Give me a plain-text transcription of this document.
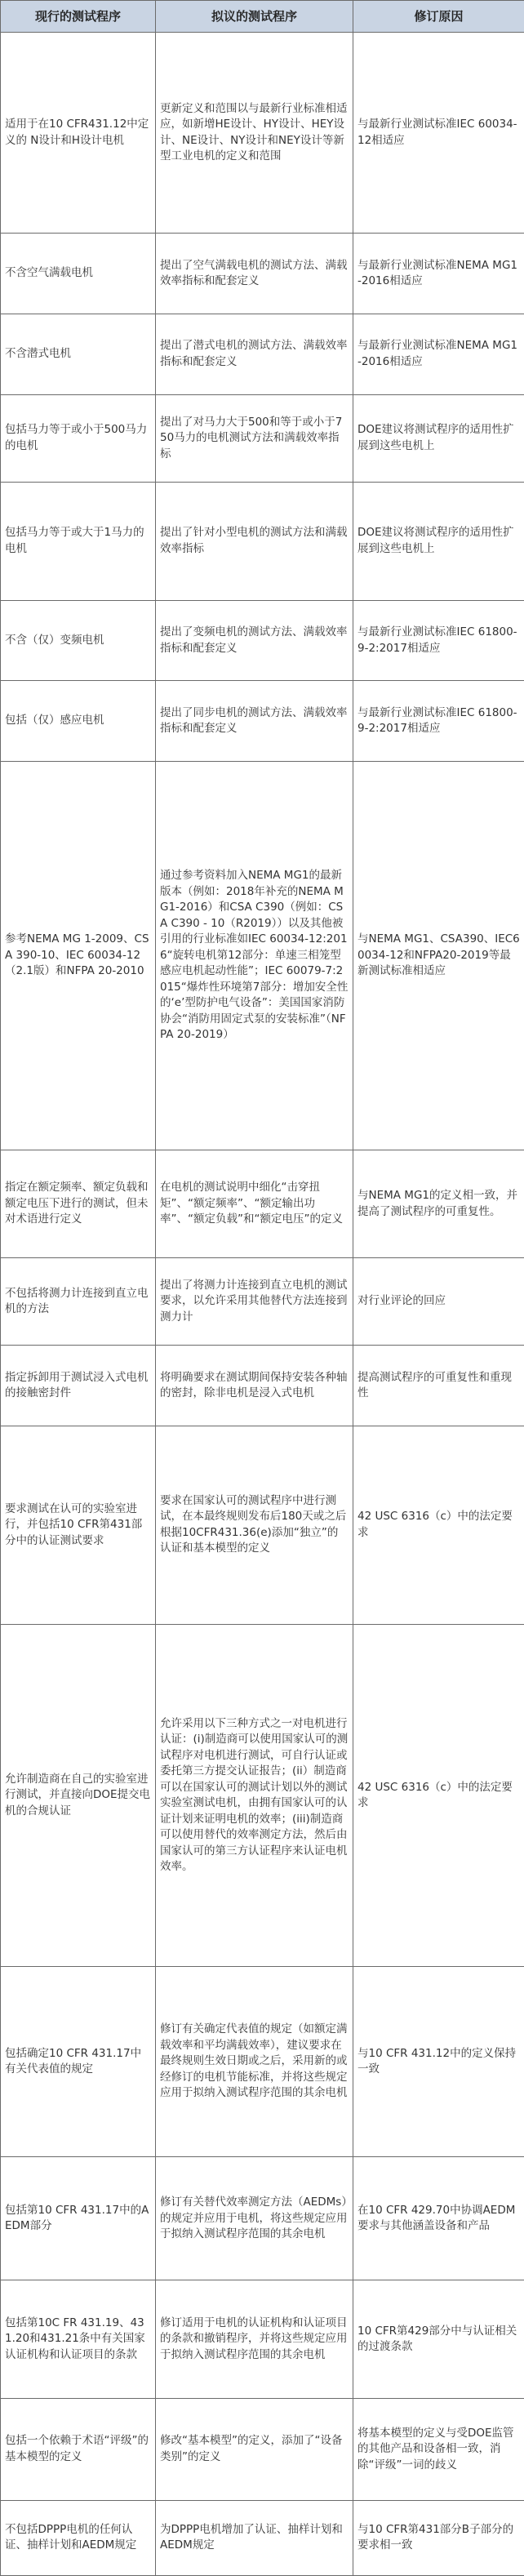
现行的测试程序	拟议的测试程序	修订原因
适用于在10 CFR431.12中定义的 N设计和H设计电机	更新定义和范围以与最新行业标准相适应，如新增HE设计、HY设计、HEY设计、NE设计、NY设计和NEY设计等新型工业电机的定义和范围	与最新行业测试标准IEC 60034-12相适应
不含空气满载电机	提出了空气满载电机的测试方法、满载效率指标和配套定义	与最新行业测试标准NEMA MG1-2016相适应
不含潜式电机	提出了潜式电机的测试方法、满载效率指标和配套定义	与最新行业测试标准NEMA MG1-2016相适应
包括马力等于或小于500马力的电机	提出了对马力大于500和等于或小于750马力的电机测试方法和满载效率指标	DOE建议将测试程序的适用性扩展到这些电机上
包括马力等于或大于1马力的电机	提出了针对小型电机的测试方法和满载效率指标	DOE建议将测试程序的适用性扩展到这些电机上
不含（仅）变频电机	提出了变频电机的测试方法、满载效率指标和配套定义	与最新行业测试标准IEC 61800-9-2:2017相适应
包括（仅）感应电机	提出了同步电机的测试方法、满载效率指标和配套定义	与最新行业测试标准IEC 61800-9-2:2017相适应
参考NEMA MG 1-2009、CSA 390-10、IEC 60034-12（2.1版）和NFPA 20-2010	通过参考资料加入NEMA MG1的最新版本（例如：2018年补充的NEMA MG1-2016）和CSA C390（例如：CSA C390 - 10（R2019））以及其他被引用的行业标准如IEC 60034-12:2016“旋转电机第12部分：单速三相笼型感应电机起动性能”；IEC 60079-7:2015“爆炸性环境第7部分：增加安全性的‘e’型防护电气设备”：美国国家消防协会“消防用固定式泵的安装标准”（NFPA 20-2019）	与NEMA MG1、CSA390、IEC60034-12和NFPA20-2019等最新测试标准相适应
指定在额定频率、额定负载和额定电压下进行的测试，但未对术语进行定义	在电机的测试说明中细化“击穿扭矩”、“额定频率”、“额定输出功率”、“额定负载”和“额定电压”的定义	与NEMA MG1的定义相一致，并提高了测试程序的可重复性。
不包括将测力计连接到直立电机的方法	提出了将测力计连接到直立电机的测试要求，以允许采用其他替代方法连接到测力计	对行业评论的回应
指定拆卸用于测试浸入式电机的接触密封件	将明确要求在测试期间保持安装各种轴的密封，除非电机是浸入式电机	提高测试程序的可重复性和重现性
要求测试在认可的实验室进行，并包括10 CFR第431部分中的认证测试要求	要求在国家认可的测试程序中进行测试，在本最终规则发布后180天或之后根据10CFR431.36(e)添加“独立”的认证和基本模型的定义	42 USC 6316（c）中的法定要求
允许制造商在自己的实验室进行测试，并直接向DOE提交电机的合规认证	允许采用以下三种方式之一对电机进行认证：(i)制造商可以使用国家认可的测试程序对电机进行测试，可自行认证或委托第三方提交认证报告；(ii）制造商可以在国家认可的测试计划以外的测试实验室测试电机，由拥有国家认可的认证计划来证明电机的效率；(iii)制造商可以使用替代的效率测定方法，然后由国家认可的第三方认证程序来认证电机效率。	42 USC 6316（c）中的法定要求
包括确定10 CFR 431.17中有关代表值的规定	修订有关确定代表值的规定（如额定满载效率和平均满载效率），建议要求在最终规则生效日期或之后，采用新的或经修订的电机节能标准，并将这些规定应用于拟纳入测试程序范围的其余电机	与10 CFR 431.12中的定义保持一致
包括第10 CFR 431.17中的AEDM部分	修订有关替代效率测定方法（AEDMs）的规定并应用于电机，将这些规定应用于拟纳入测试程序范围的其余电机	在10 CFR 429.70中协调AEDM要求与其他涵盖设备和产品
包括第10C FR 431.19、431.20和431.21条中有关国家认证机构和认证项目的条款	修订适用于电机的认证机构和认证项目的条款和撤销程序，并将这些规定应用于拟纳入测试程序范围的其余电机	10 CFR第429部分中与认证相关的过渡条款
包括一个依赖于术语“评级”的基本模型的定义	修改“基本模型”的定义，添加了“设备类别”的定义	将基本模型的定义与受DOE监管的其他产品和设备相一致，消除“评级”一词的歧义
不包括DPPP电机的任何认证、抽样计划和AEDM规定	为DPPP电机增加了认证、抽样计划和AEDM规定	与10 CFR第431部分B子部分的要求相一致
